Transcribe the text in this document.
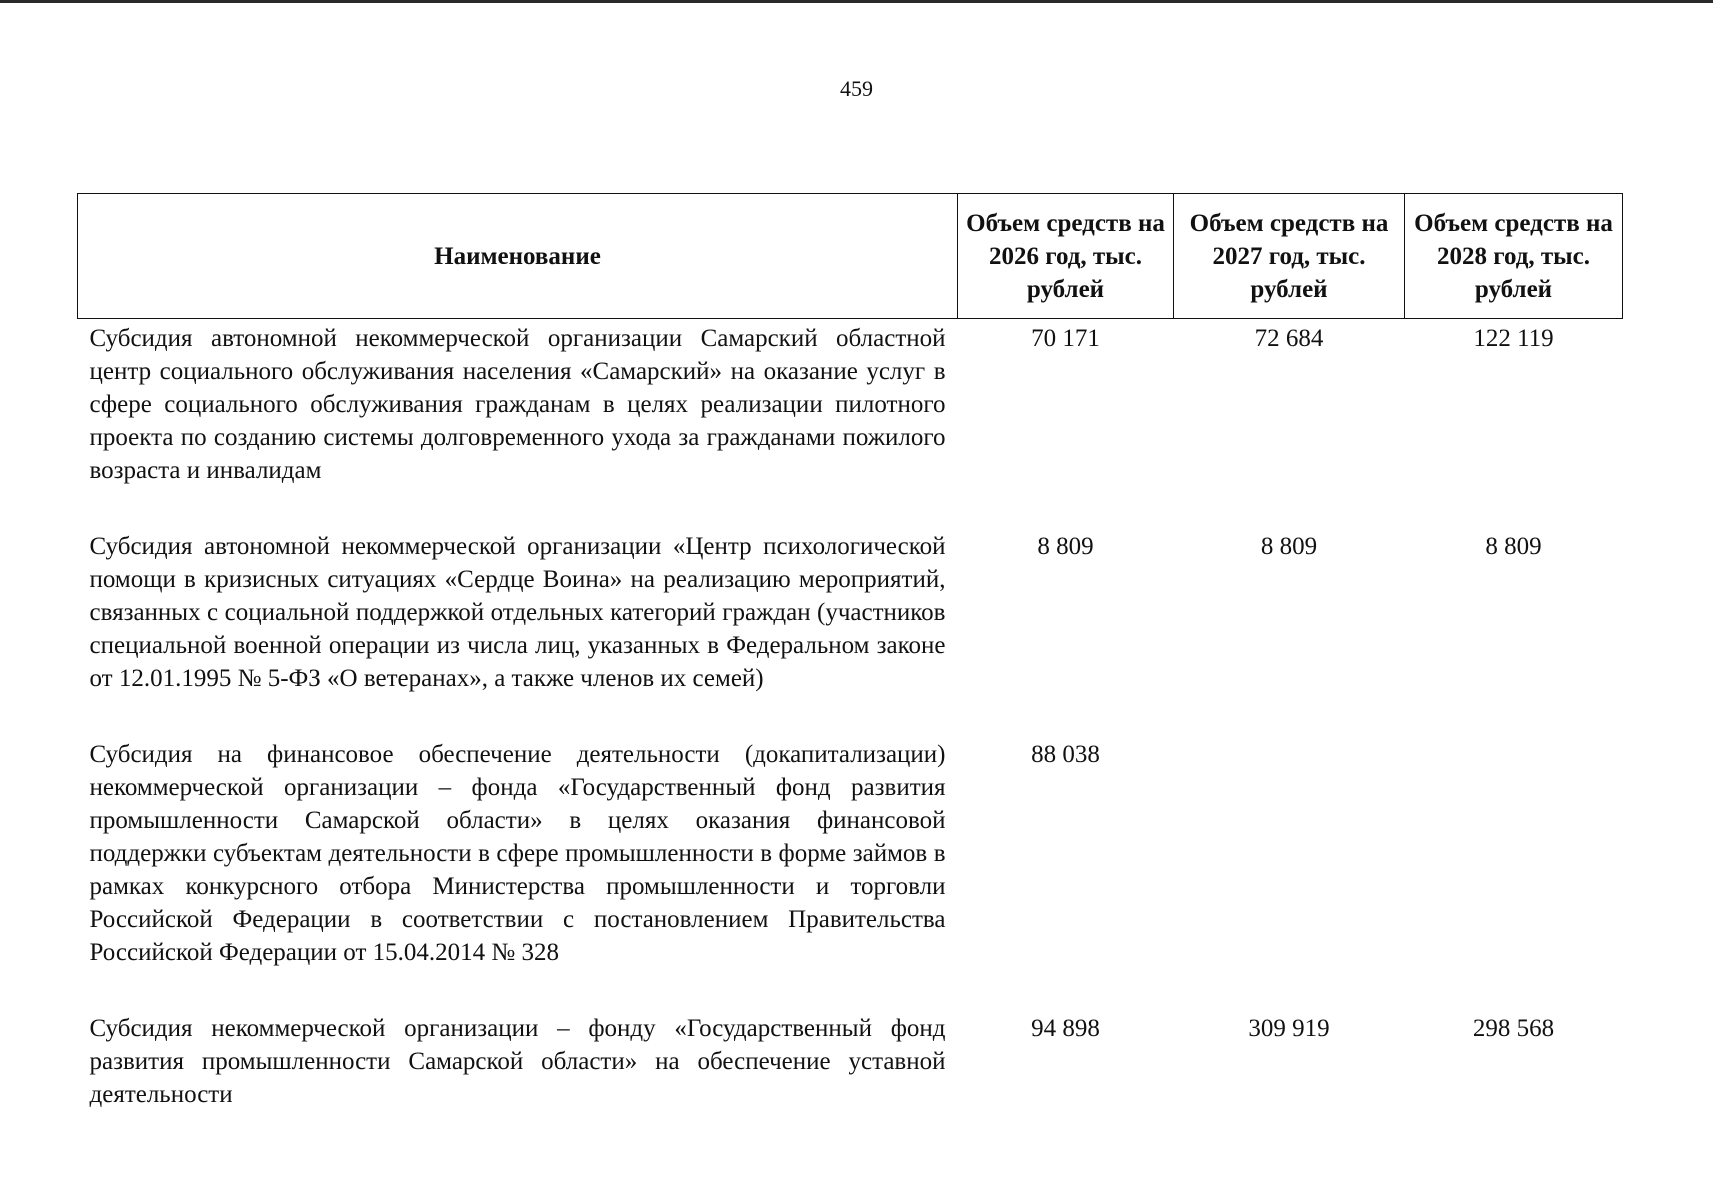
459
Наименование	Объем средств на 2026 год, тыс. рублей	Объем средств на 2027 год, тыс. рублей	Объем средств на 2028 год, тыс. рублей
Субсидия автономной некоммерческой организации Самарский областной центр социального обслуживания населения «Самарский» на оказание услуг в сфере социального обслуживания гражданам в целях реализации пилотного проекта по созданию системы долговременного ухода за гражданами пожилого возраста и инвалидам	70 171	72 684	122 119
Субсидия автономной некоммерческой организации «Центр психологической помощи в кризисных ситуациях «Сердце Воина» на реализацию мероприятий, связанных с социальной поддержкой отдельных категорий граждан (участников специальной военной операции из числа лиц, указанных в Федеральном законе от 12.01.1995 № 5-ФЗ «О ветеранах», а также членов их семей)	8 809	8 809	8 809
Субсидия на финансовое обеспечение деятельности (докапитализации) некоммерческой организации – фонда «Государственный фонд развития промышленности Самарской области» в целях оказания финансовой поддержки субъектам деятельности в сфере промышленности в форме займов в рамках конкурсного отбора Министерства промышленности и торговли Российской Федерации в соответствии с постановлением Правительства Российской Федерации от 15.04.2014 № 328	88 038		
Субсидия некоммерческой организации – фонду «Государственный фонд развития промышленности Самарской области» на обеспечение уставной деятельности	94 898	309 919	298 568
